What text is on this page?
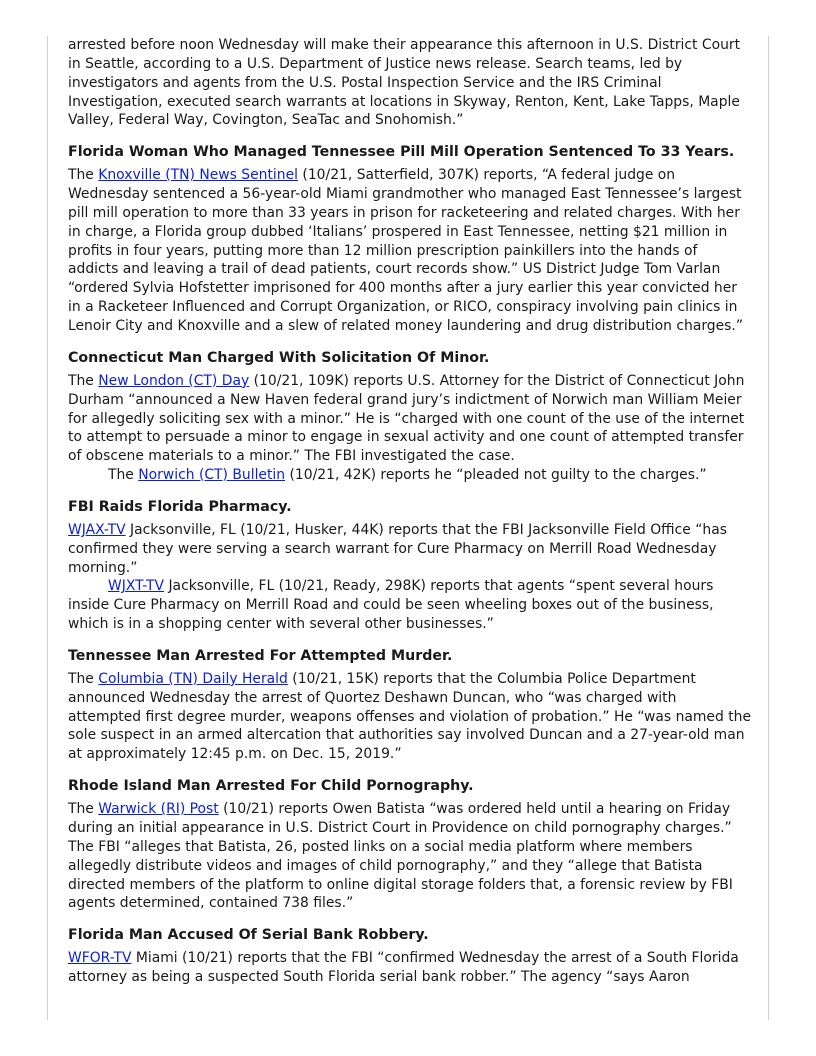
arrested before noon Wednesday will make their appearance this afternoon in U.S. District Court in Seattle, according to a U.S. Department of Justice news release. Search teams, led by investigators and agents from the U.S. Postal Inspection Service and the IRS Criminal Investigation, executed search warrants at locations in Skyway, Renton, Kent, Lake Tapps, Maple Valley, Federal Way, Covington, SeaTac and Snohomish.”

Florida Woman Who Managed Tennessee Pill Mill Operation Sentenced To 33 Years.

The Knoxville (TN) News Sentinel (10/21, Satterfield, 307K) reports, “A federal judge on Wednesday sentenced a 56-year-old Miami grandmother who managed East Tennessee’s largest pill mill operation to more than 33 years in prison for racketeering and related charges. With her in charge, a Florida group dubbed ‘Italians’ prospered in East Tennessee, netting $21 million in profits in four years, putting more than 12 million prescription painkillers into the hands of addicts and leaving a trail of dead patients, court records show.” US District Judge Tom Varlan “ordered Sylvia Hofstetter imprisoned for 400 months after a jury earlier this year convicted her in a Racketeer Influenced and Corrupt Organization, or RICO, conspiracy involving pain clinics in Lenoir City and Knoxville and a slew of related money laundering and drug distribution charges.”

Connecticut Man Charged With Solicitation Of Minor.

The New London (CT) Day (10/21, 109K) reports U.S. Attorney for the District of Connecticut John Durham “announced a New Haven federal grand jury’s indictment of Norwich man William Meier for allegedly soliciting sex with a minor.” He is “charged with one count of the use of the internet to attempt to persuade a minor to engage in sexual activity and one count of attempted transfer of obscene materials to a minor.” The FBI investigated the case.

The Norwich (CT) Bulletin (10/21, 42K) reports he “pleaded not guilty to the charges.”

FBI Raids Florida Pharmacy.

WJAX-TV Jacksonville, FL (10/21, Husker, 44K) reports that the FBI Jacksonville Field Office “has confirmed they were serving a search warrant for Cure Pharmacy on Merrill Road Wednesday morning.”

WJXT-TV Jacksonville, FL (10/21, Ready, 298K) reports that agents “spent several hours inside Cure Pharmacy on Merrill Road and could be seen wheeling boxes out of the business, which is in a shopping center with several other businesses.”

Tennessee Man Arrested For Attempted Murder.

The Columbia (TN) Daily Herald (10/21, 15K) reports that the Columbia Police Department announced Wednesday the arrest of Quortez Deshawn Duncan, who “was charged with attempted first degree murder, weapons offenses and violation of probation.” He “was named the sole suspect in an armed altercation that authorities say involved Duncan and a 27-year-old man at approximately 12:45 p.m. on Dec. 15, 2019.”

Rhode Island Man Arrested For Child Pornography.

The Warwick (RI) Post (10/21) reports Owen Batista “was ordered held until a hearing on Friday during an initial appearance in U.S. District Court in Providence on child pornography charges.” The FBI “alleges that Batista, 26, posted links on a social media platform where members allegedly distribute videos and images of child pornography,” and they “allege that Batista directed members of the platform to online digital storage folders that, a forensic review by FBI agents determined, contained 738 files.”

Florida Man Accused Of Serial Bank Robbery.

WFOR-TV Miami (10/21) reports that the FBI “confirmed Wednesday the arrest of a South Florida attorney as being a suspected South Florida serial bank robber.” The agency “says Aaron
